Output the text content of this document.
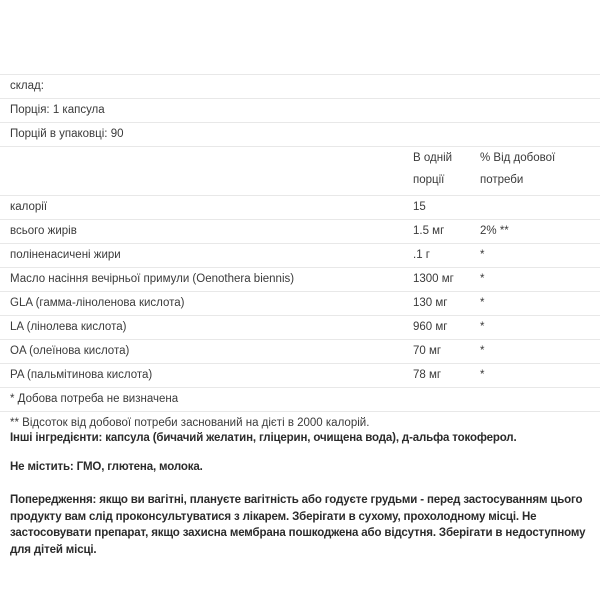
склад:		
Порція: 1 капсула		
Порцій в упаковці: 90		
	В одній	% Від добової
	порції	потреби
калорії	15	
всього жирів	1.5 мг	2% **
поліненасичені жири	.1 г	*
Масло насіння вечірньої примули (Oenothera biennis)	1300 мг	*
GLA (гамма-ліноленова кислота)	130 мг	*
LA (лінолева кислота)	960 мг	*
OA (олеїнова кислота)	70 мг	*
PA (пальмітинова кислота)	78 мг	*
* Добова потреба не визначена		
** Відсоток від добової потреби заснований на дієті в 2000 калорій.		

Інші інгредієнти: капсула (бичачий желатин, гліцерин, очищена вода), д-альфа токоферол.

Не містить: ГМО, глютена, молока.

Попередження: якщо ви вагітні, плануєте вагітність або годуєте грудьми - перед застосуванням цього продукту вам слід проконсультуватися з лікарем. Зберігати в сухому, прохолодному місці. Не застосовувати препарат, якщо захисна мембрана пошкоджена або відсутня. Зберігати в недоступному для дітей місці.
